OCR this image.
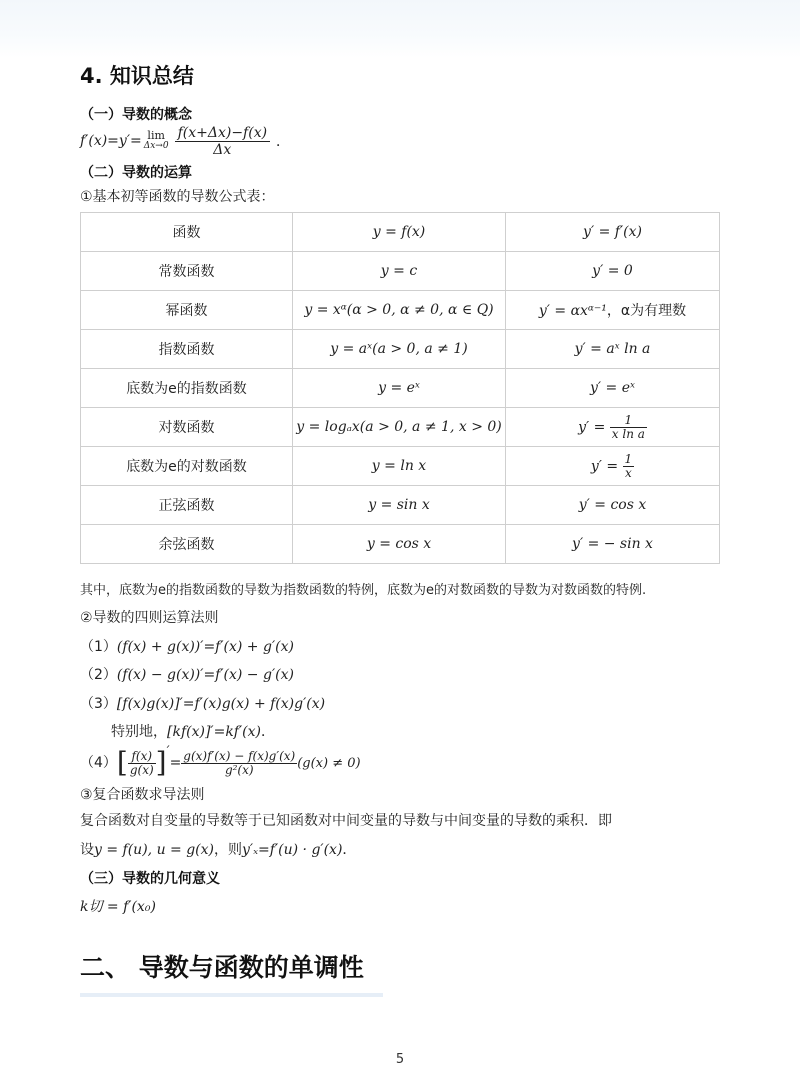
4. 知识总结
（一）导数的概念
f′(x)=y′= lim
$\Delta x\to 0 \frac{f(x+\Delta x)-f(x)}{\Delta x}$ ．
（二）导数的运算
①基本初等函数的导数公式表：
函数	y = f(x)	y′ = f′(x)
常数函数	y = c	y′ = 0
幂函数	y = xᵅ(α > 0, α ≠ 0, α ∈ Q)	y′ = αxᵅ⁻¹，α为有理数
指数函数	y = aˣ(a > 0, a ≠ 1)	y′ = aˣ ln a
底数为e的指数函数	y = eˣ	y′ = eˣ
对数函数	y = logₐx(a > 0, a ≠ 1, x > 0)	$y' = \frac{1}{\text{x ln a}}$

底数为e的对数函数	y = ln x	$y' = \frac{1}{x}$

正弦函数	y = sin x	y′ = cos x
余弦函数	y = cos x	y′ = − sin x
其中，底数为e的指数函数的导数为指数函数的特例，底数为e的对数函数的导数为对数函数的特例.
②导数的四则运算法则
（1）(f(x) + g(x))′=f′(x) + g′(x)
（2）(f(x) − g(x))′=f′(x) − g′(x)
（3）[f(x)g(x)]′=f′(x)g(x) + f(x)g′(x)
特别地，[kf(x)]′=kf′(x)．
（4） [ $\frac{f(x)}{g(x)}$ ] ′
= $\frac{g(x)f'(x) - f(x)g'(x)}{\text{g²(x)}} (g(x) \ne 0)$
③复合函数求导法则
复合函数对自变量的导数等于已知函数对中间变量的导数与中间变量的导数的乘积．即
设y = f(u), u = g(x)，则y′ₓ=f′(u) · g′(x)．
（三）导数的几何意义
k切 = f′(x₀)
二、 导数与函数的单调性
5
